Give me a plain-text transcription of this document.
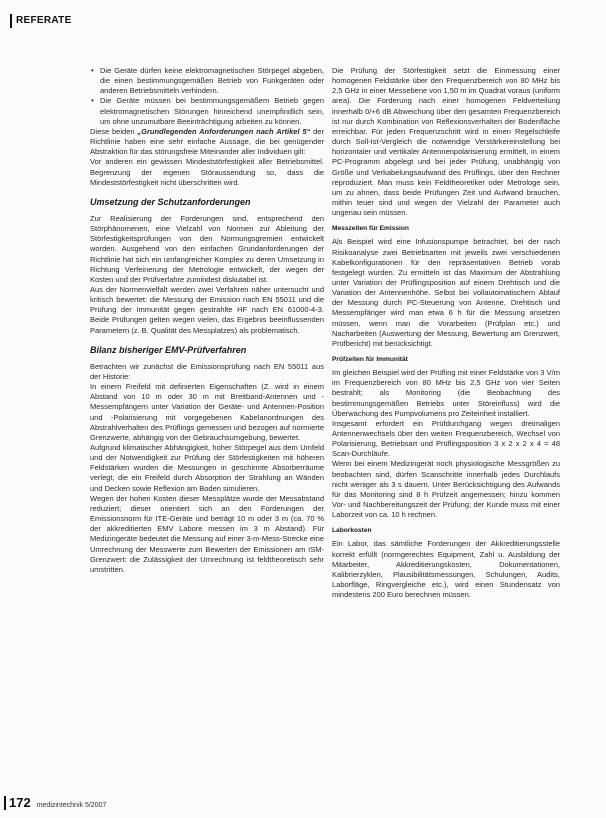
REFERATE
• Die Geräte dürfen keine elektromagnetischen Störpegel abgeben, die einen bestimmungsgemäßen Betrieb von Funkgeräten oder anderen Betriebsmitteln verhindern.
• Die Geräte müssen bei bestimmungsgemäßem Betrieb gegen elektromagnetischen Störungen hinreichend unempfindlich sein, um ohne unzumutbare Beeinträchtigung arbeiten zu können.

Diese beiden „Grundlegenden Anforderungen nach Artikel 5“ der Richtlinie haben eine sehr einfache Aussage, die bei genügender Abstraktion für das störungsfreie Miteinander aller Individuen gilt:

Vor anderen ein gewissen Mindeststörfestigkeit aller Betriebsmittel. Begrenzung der eigenen Störaussendung so, dass die Mindeststörfestigkeit nicht überschritten wird.

Umsetzung der Schutzanforderungen

Zur Realisierung der Forderungen sind, entsprechend den Störphänomenen, eine Vielzahl von Normen zur Ableitung der Störfestigkeitsprüfungen von den Normungsgremien entwickelt worden. Ausgehend von den einfachen Grundanforderungen der Richtlinie hat sich ein umfangreicher Komplex zu deren Umsetzung in Richtung Verfeinerung der Metrologie entwickelt, der wegen der Kosten und der Prüfverfahre zumindest diskutabel ist.

Aus der Normenvielfalt werden zwei Verfahren näher untersucht und kritisch bewertet: die Messung der Emission nach EN 55011 und die Prüfung der Immunität gegen gestrahlte HF nach EN 61000-4-3. Beide Prüfungen gelten wegen vielen, das Ergebnis beeinflussenden Parametern (z. B. Qualität des Messplatzes) als problematisch.

Bilanz bisheriger EMV-Prüfverfahren

Betrachten wir zunächst die Emissionsprüfung nach EN 55011 aus der Historie:

In einem Freifeld mit definierten Eigenschaften (Z. wird in einem Abstand von 10 m oder 30 m mit Breitband-Antennen und -Messempfängern unter Variation der Geräte- und Antennen-Position und -Polarisierung mit vorgegebenen Kabelanordnungen des Abstrahlverhalten des Prüflings gemessen und bezogen auf normierte Grenzwerte, abhängig von der Gebrauchsumgebung, bewertet.

Aufgrund klimatischer Abhängigkeit, hoher Störpegel aus dem Umfeld und der Notwendigkeit zur Prüfung der Störfestigkeiten mit höheren Feldstärken wurden die Messungen in geschirmte Absorberräume verlegt, die ein Freifeld durch Absorption der Strahlung an Wänden und Decken sowie Reflexion am Boden simulieren.

Wegen der hohen Kosten dieser Messplätze wurde der Messabstand reduziert; dieser orientiert sich an den Forderungen der Emissionsnorm für ITE-Geräte und beträgt 10 m oder 3 m (ca. 70 % der akkreditierten EMV Labore messen im 3 m Abstand). Für Medizingeräte bedeutet die Messung auf einer 3-m-Mess-Strecke eine Umrechnung der Messwerte zum Bewerten der Emissionen am ISM-Grenzwert: die Zulässigkeit der Umrechnung ist feldtheoretisch sehr umstritten.

Die Prüfung der Störfestigkeit setzt die Einmessung einer homogenen Feldstärke über den Frequenzbereich von 80 MHz bis 2,5 GHz in einer Messebene von 1,50 m im Quadrat voraus (uniform area). Die Forderung nach einer homogenen Feldverteilung innerhalb 0/+6 dB Abweichung über den gesamten Frequenzbereich ist nur durch Kombination von Reflexionsverhalten der Bodenfläche erreichbar. Für jeden Frequenzschritt wird in einen Regelschleife durch Soll-Ist-Vergleich die notwendige Verstärkereinstellung bei horizontaler und vertikaler Antennenpolarisierung ermittelt, in einem PC-Programm abgelegt und bei jeder Prüfung, unabhängig von Größe und Verkabelungsaufwand des Prüflings, über den Rechner reproduziert. Man muss kein Feldtheoretiker oder Metrologe sein, um zu ahnen, dass beide Prüfungen Zeit und Aufwand brauchen, mithin teuer sind und wegen der Vielzahl der Parameter auch ungenau sein müssen.

Messzeiten für Emission

Als Beispiel wird eine Infusionspumpe betrachtet, bei der nach Risikoanalyse zwei Betriebsarten mit jeweils zwei verschiedenen Kabelkonfigurationen für den repräsentativen Betrieb vorab festgelegt wurden. Zu ermitteln ist das Maximum der Abstrahlung unter Variation der Prüflingsposition auf einem Drehtisch und die Variation der Antennenhöhe. Selbst bei vollautomatischem Ablauf der Messung durch PC-Steuerung von Antenne, Drehtisch und Messempfänger wird man etwa 6 h für die Messung ansetzen müssen, wenn man die Vorarbeiten (Prüfplan etc.) und Nacharbeiten (Auswertung der Messung, Bewertung am Grenzwert, Prüfbericht) mit berücksichtigt.

Prüfzeiten für Immunität

Im gleichen Beispiel wird der Prüfling mit einer Feldstärke von 3 V/m im Frequenzbereich von 80 MHz bis 2,5 GHz von vier Seiten bestrahlt; als Monitoring (die Beobachtung des bestimmungsgemäßen Betriebs unter Störeinfluss) wird die Überwachung des Pumpvolumens pro Zeiteinheit installiert.

Insgesamt erfordert ein Prüfdurchgang wegen dreimaligen Antennenwechsels über den weiten Frequenzbereich, Wechsel von Polarisierung, Betriebsart und Prüflingsposition 3 x 2 x 2 x 4 = 48 Scan-Durchläufe.

Wenn bei einem Medizingerät noch physiologische Messgrößen zu beobachten sind, dürfen Scanschritte innerhalb jedes Durchlaufs nicht weniger als 3 s dauern. Unter Berücksichtigung des Aufwands für das Monitoring sind 8 h Prüfzeit angemessen; hinzu kommen Vor- und Nachbereitungszeit der Prüfung; der Kunde muss mit einer Laborzeit von ca. 10 h rechnen.

Laborkosten

Ein Labor, das sämtliche Forderungen der Akkreditierungsstelle korrekt erfüllt (normgerechtes Equipment, Zahl u. Ausbildung der Mitarbeiter, Akkreditierungskosten, Dokumentationen, Kalibrierzyklen, Plausibilitätsmessungen, Schulungen, Audits, Laborfläge, Ringvergleiche etc.), wird einen Stundensatz von mindestens 200 Euro berechnen müssen.

172 medizintechnik 5/2007
